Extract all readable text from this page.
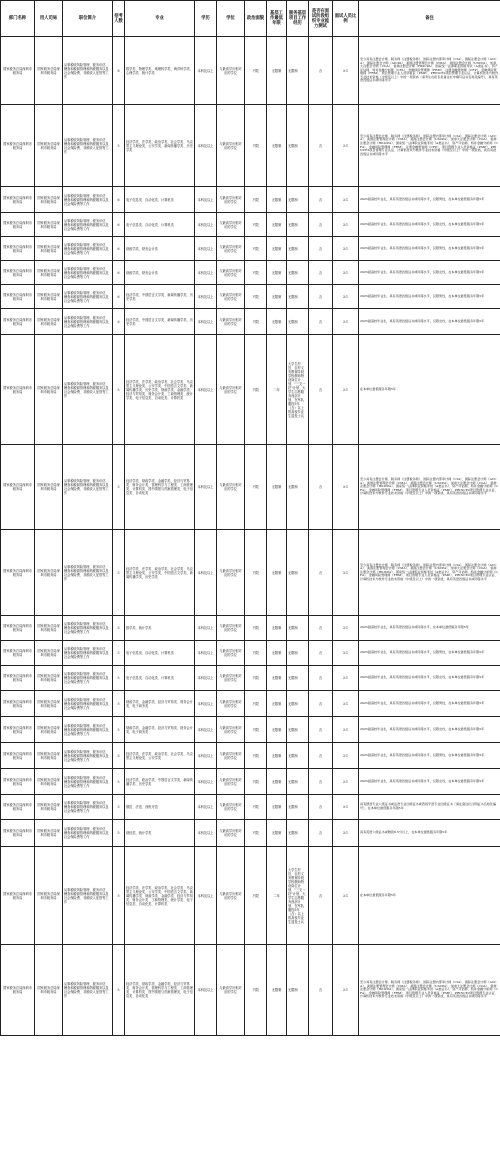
部门名称	用人司局	职位简介	招考人数	专业	学历	学位	政治面貌	基层工作最低年限	服务基层项目工作经历	是否在面试阶段组织专业能力测试	面试人员比例	备注
国家税务总局深圳市税务局	国家税务总局深圳市税务局	从事税收风险管理、税务评估、稽查和税源管理和纳税服务以及社会保险费、非税收入征管等工作	8	数学类、物理学类、地理科学类、海洋科学类、心理学类、统计学类	本科及以上	与最高学历相对应的学位	不限	无限制	无限制	否	3:1	至少具有注册会计师、税务师（注册税务师）、国际注册内部审计师（CIA）、国际注册会计师（ACCA）、国际注册会计师（AICPA）、美国注册管理会计师（CMA）、美国注册会计师（USCPA）、加拿大注册会计师（CGA）、香港注册会计师（HKICPA）、国家统一法律职业资格考试（A类证书）、资产评估师、特许金融分析师（CFA）、金融风险管理师（FRM）、注册金融策划师（CFP）、金融风险管理师（FRM）、项目管理专业人员资格证（PMP）、PRINCE2项目管理专业认证、计算机技术与软件专业技术资格（中级及以上）中的一项资质（请考生在报名表备注栏中填写证书名称及编号），具有英语四级证书或同等水平
国家税务总局深圳市税务局	国家税务总局深圳市税务局	从事税收风险管理、税务评估、稽查和税源管理和纳税服务以及社会保险费、非税收入征管等工作	5	经济学类、法学类、政治学类、社会学类、马克思主义理论类、公安学类、新闻传播学类、历史学类	本科及以上	与最高学历相对应的学位	不限	无限制	无限制	否	3:1	至少具有注册会计师、税务师（注册税务师）、国际注册内部审计师（CIA）、国际注册会计师（ACCA）、美国注册管理会计师（CMA）、美国注册会计师（USCPA）、加拿大注册会计师（CGA）、香港注册会计师（HKICPA）、国家统一法律职业资格考试（A类证书）、资产评估师、特许金融分析师（CFA）、金融风险管理师（FRM）、注册金融策划师（CFP）、项目管理专业人员资格证（PMP）、PRINCE2项目管理专业认证、计算机技术与软件专业技术资格（中级及以上）中的一项资质，具有英语四级证书或同等水平
国家税务总局深圳市税务局	国家税务总局深圳市税务局	从事税收风险管理、税务评估、稽查和税源管理和纳税服务以及社会保险费等工作	6	电子信息类、自动化类、计算机类	本科及以上	与最高学历相对应的学位	不限	无限制	无限制	否	3:1	2025届高校毕业生，具有英语四级证书或同等水平，仅限男性，在本单位最低服务年限5年
国家税务总局深圳市税务局	国家税务总局深圳市税务局	从事税收风险管理、税务评估、稽查和税源管理和纳税服务以及社会保险费等工作	6	电子信息类、自动化类、计算机类	本科及以上	与最高学历相对应的学位	不限	无限制	无限制	否	3:1	2025届高校毕业生，具有英语四级证书或同等水平，仅限女性，在本单位最低服务年限5年
国家税务总局深圳市税务局	国家税务总局深圳市税务局	从事税收风险管理、税务评估、稽查和税源管理和纳税服务以及社会保险费等工作	6	财政学类、财务会计类	本科及以上	与最高学历相对应的学位	不限	无限制	无限制	否	3:1	2025届高校毕业生，具有英语四级证书或同等水平，仅限男性，在本单位最低服务年限5年
国家税务总局深圳市税务局	国家税务总局深圳市税务局	从事税收风险管理、税务评估、稽查和税源管理和纳税服务以及社会保险费等工作	6	财政学类、财务会计类	本科及以上	与最高学历相对应的学位	不限	无限制	无限制	否	3:1	2025届高校毕业生，具有英语四级证书或同等水平，仅限女性，在本单位最低服务年限5年
国家税务总局深圳市税务局	国家税务总局深圳市税务局	从事税收风险管理、税务评估、稽查和税源管理和纳税服务以及社会保险费等工作	6	经济学类、中国语言文学类、新闻传播学类、历史学类	本科及以上	与最高学历相对应的学位	不限	无限制	无限制	否	3:1	2025届高校毕业生，具有英语四级证书或同等水平，仅限男性，在本单位最低服务年限5年
国家税务总局深圳市税务局	国家税务总局深圳市税务局	从事税收风险管理、税务评估、稽查和税源管理和纳税服务以及社会保险费等工作	6	经济学类、中国语言文学类、新闻传播学类、历史学类	本科及以上	与最高学历相对应的学位	不限	无限制	无限制	否	3:1	2025届高校毕业生，具有英语四级证书或同等水平，仅限女性，在本单位最低服务年限5年
国家税务总局深圳市税务局	国家税务总局深圳市税务局	从事税收风险管理、税务评估、稽查和税源管理和纳税服务以及社会保险费、非税收入征管等工作	5	经济学类、法学类、政治学类、社会学类、马克思主义理论类、公安学类、中国语言文学类、新闻传播学类、历史学类、财政学类、金融学类、经济与贸易类、财务会计类、工商管理类、统计学类、电子信息类、自动化类、计算机类	本科及以上	与最高学历相对应的学位	不限	二年	大学生村官、农村义务教育阶段学校教师特设岗位计划、"三支一扶"计划、大学生志愿服务西部计划、在军队服役5年（含）以上的高校毕业生退役士兵	否	3:1	在本单位最低服务年限5年
国家税务总局深圳市税务局	国家税务总局深圳市税务局	从事税收风险管理、税务评估、稽查和税源管理和纳税服务以及社会保险费、非税收入征管等工作	5	经济学类、财政学类、金融学类、经济与贸易类、财务会计类、管理科学与工程类、工商管理类、计算机类、图书情报与档案管理类、电子信息类、自动化类	本科及以上	与最高学历相对应的学位	不限	无限制	无限制	否	3:1	至少具有注册会计师、税务师（注册税务师）、国际注册内部审计师（CIA）、国际注册会计师（ACCA）、美国注册管理会计师（CMA）、美国注册会计师（USCPA）、加拿大注册会计师（CGA）、香港注册会计师（HKICPA）、国家统一法律职业资格考试（A类证书）、资产评估师、特许金融分析师（CFA）、金融风险管理师（FRM）、项目管理专业人员资格证（PMP）、PRINCE2项目管理专业认证、计算机技术与软件专业技术资格（中级及以上）中的一项资质，具有英语四级证书或同等水平
国家税务总局深圳市税务局	国家税务总局深圳市税务局	从事税收风险管理、税务评估、稽查和税源管理和纳税服务以及社会保险费、非税收入征管等工作	5	经济学类、法学类、政治学类、社会学类、马克思主义理论类、公安学类、中国语言文学类、新闻传播学类、历史学类	本科及以上	与最高学历相对应的学位	不限	无限制	无限制	否	3:1	至少具有注册会计师、税务师（注册税务师）、国际注册内部审计师（CIA）、国际注册会计师（ACCA）、美国注册管理会计师（CMA）、美国注册会计师（USCPA）、加拿大注册会计师（CGA）、香港注册会计师（HKICPA）、国家统一法律职业资格考试（A类证书）、资产评估师、特许金融分析师（CFA）、金融风险管理师（FRM）、项目管理专业人员资格证（PMP）、PRINCE2项目管理专业认证、计算机技术与软件专业技术资格（中级及以上）中的一项资质，具有英语四级证书或同等水平
国家税务总局深圳市税务局	国家税务总局深圳市税务局	从事税收风险管理、税务评估、稽查和税源管理和纳税服务以及社会保险费等工作	5	数学类、统计学类	本科及以上	与最高学历相对应的学位	不限	无限制	无限制	否	3:1	2025届高校毕业生，具有英语四级证书或同等水平，在本单位最低服务年限5年
国家税务总局深圳市税务局	国家税务总局深圳市税务局	从事税收风险管理、税务评估、稽查和税源管理和纳税服务以及社会保险费等工作	5	电子信息类、自动化类、计算机类	本科及以上	与最高学历相对应的学位	不限	无限制	无限制	否	3:1	2025届高校毕业生，具有英语四级证书或同等水平，仅限男性，在本单位最低服务年限5年
国家税务总局深圳市税务局	国家税务总局深圳市税务局	从事税收风险管理、税务评估、稽查和税源管理和纳税服务以及社会保险费等工作	5	电子信息类、自动化类、计算机类	本科及以上	与最高学历相对应的学位	不限	无限制	无限制	否	3:1	2025届高校毕业生，具有英语四级证书或同等水平，仅限女性，在本单位最低服务年限5年
国家税务总局深圳市税务局	国家税务总局深圳市税务局	从事税收风险管理、税务评估、稽查和税源管理和纳税服务以及社会保险费等工作	5	财政学类、金融学类、经济与贸易类、财务会计类、电子商务类	本科及以上	与最高学历相对应的学位	不限	无限制	无限制	否	3:1	2025届高校毕业生，具有英语四级证书或同等水平，仅限男性，在本单位最低服务年限5年
国家税务总局深圳市税务局	国家税务总局深圳市税务局	从事税收风险管理、税务评估、稽查和税源管理和纳税服务以及社会保险费等工作	5	财政学类、金融学类、经济与贸易类、财务会计类、电子商务类	本科及以上	与最高学历相对应的学位	不限	无限制	无限制	否	3:1	2025届高校毕业生，具有英语四级证书或同等水平，仅限女性，在本单位最低服务年限5年
国家税务总局深圳市税务局	国家税务总局深圳市税务局	从事税收风险管理、税务评估、稽查和税源管理和纳税服务以及社会保险费等工作	5	经济学类、法学类、政治学类、社会学类、马克思主义理论类、公安学类	本科及以上	与最高学历相对应的学位	不限	无限制	无限制	否	3:1	2025届高校毕业生，具有英语四级证书或同等水平，仅限男性，在本单位最低服务年限5年
国家税务总局深圳市税务局	国家税务总局深圳市税务局	从事税收风险管理、税务评估、稽查和税源管理和纳税服务以及社会保险费等工作	5	经济学类、政治学类、中国语言文学类、新闻传播学类、历史学类	本科及以上	与最高学历相对应的学位	不限	无限制	无限制	否	3:1	2025届高校毕业生，具有英语四级证书或同等水平，仅限女性，在本单位最低服务年限5年
国家税务总局深圳市税务局	国家税务总局深圳市税务局	从事税收风险管理、税务评估、稽查和税源管理和纳税服务以及社会保险费等工作	5	德语、法语、西班牙语	本科及以上	与最高学历相对应的学位	不限	无限制	无限制	否	3:1	具有德语专业八级证书或法语专业四级证书或西班牙语专业四级证书（请在备注栏注明证书名称及编号），在本单位最低服务年限5年
国家税务总局深圳市税务局	国家税务总局深圳市税务局	从事税收风险管理、税务评估、稽查和税源管理和纳税服务以及社会保险费等工作	5	财经类、统计学类	本科及以上	与最高学历相对应的学位	不限	无限制	无限制	否	3:1	具有英语六级证书或雅思6.5分以上，在本单位最低服务年限5年
国家税务总局深圳市税务局	国家税务总局深圳市税务局	从事税收风险管理、税务评估、稽查和税源管理和纳税服务以及社会保险费、非税收入征管等工作	5	经济学类、法学类、政治学类、社会学类、马克思主义理论类、公安学类、中国语言文学类、新闻传播学类、财政学类、金融学类、经济与贸易类、财务会计类、工商管理类、统计学类、电子信息类、自动化类、计算机类	本科及以上	与最高学历相对应的学位	不限	二年	大学生村官、农村义务教育阶段学校教师特设岗位计划、"三支一扶"计划、大学生志愿服务西部计划、在军队服役5年（含）以上的高校毕业生退役士兵	否	3:1	在本单位最低服务年限5年
国家税务总局深圳市税务局	国家税务总局深圳市税务局	从事税收风险管理、税务评估、稽查和税源管理和纳税服务以及社会保险费、非税收入征管等工作	5	经济学类、财政学类、金融学类、经济与贸易类、财务会计类、管理科学与工程类、工商管理类、计算机类、图书情报与档案管理类、电子信息类、自动化类	本科及以上	与最高学历相对应的学位	不限	无限制	无限制	否	3:1	至少具有注册会计师、税务师（注册税务师）、国际注册内部审计师（CIA）、国际注册会计师（ACCA）、美国注册管理会计师（CMA）、美国注册会计师（USCPA）、加拿大注册会计师（CGA）、香港注册会计师（HKICPA）、国家统一法律职业资格考试（A类证书）、资产评估师、特许金融分析师（CFA）、金融风险管理师（FRM）、项目管理专业人员资格证（PMP）、PRINCE2项目管理专业认证、计算机技术与软件专业技术资格（中级及以上）中的一项资质，具有英语四级证书或同等水平
